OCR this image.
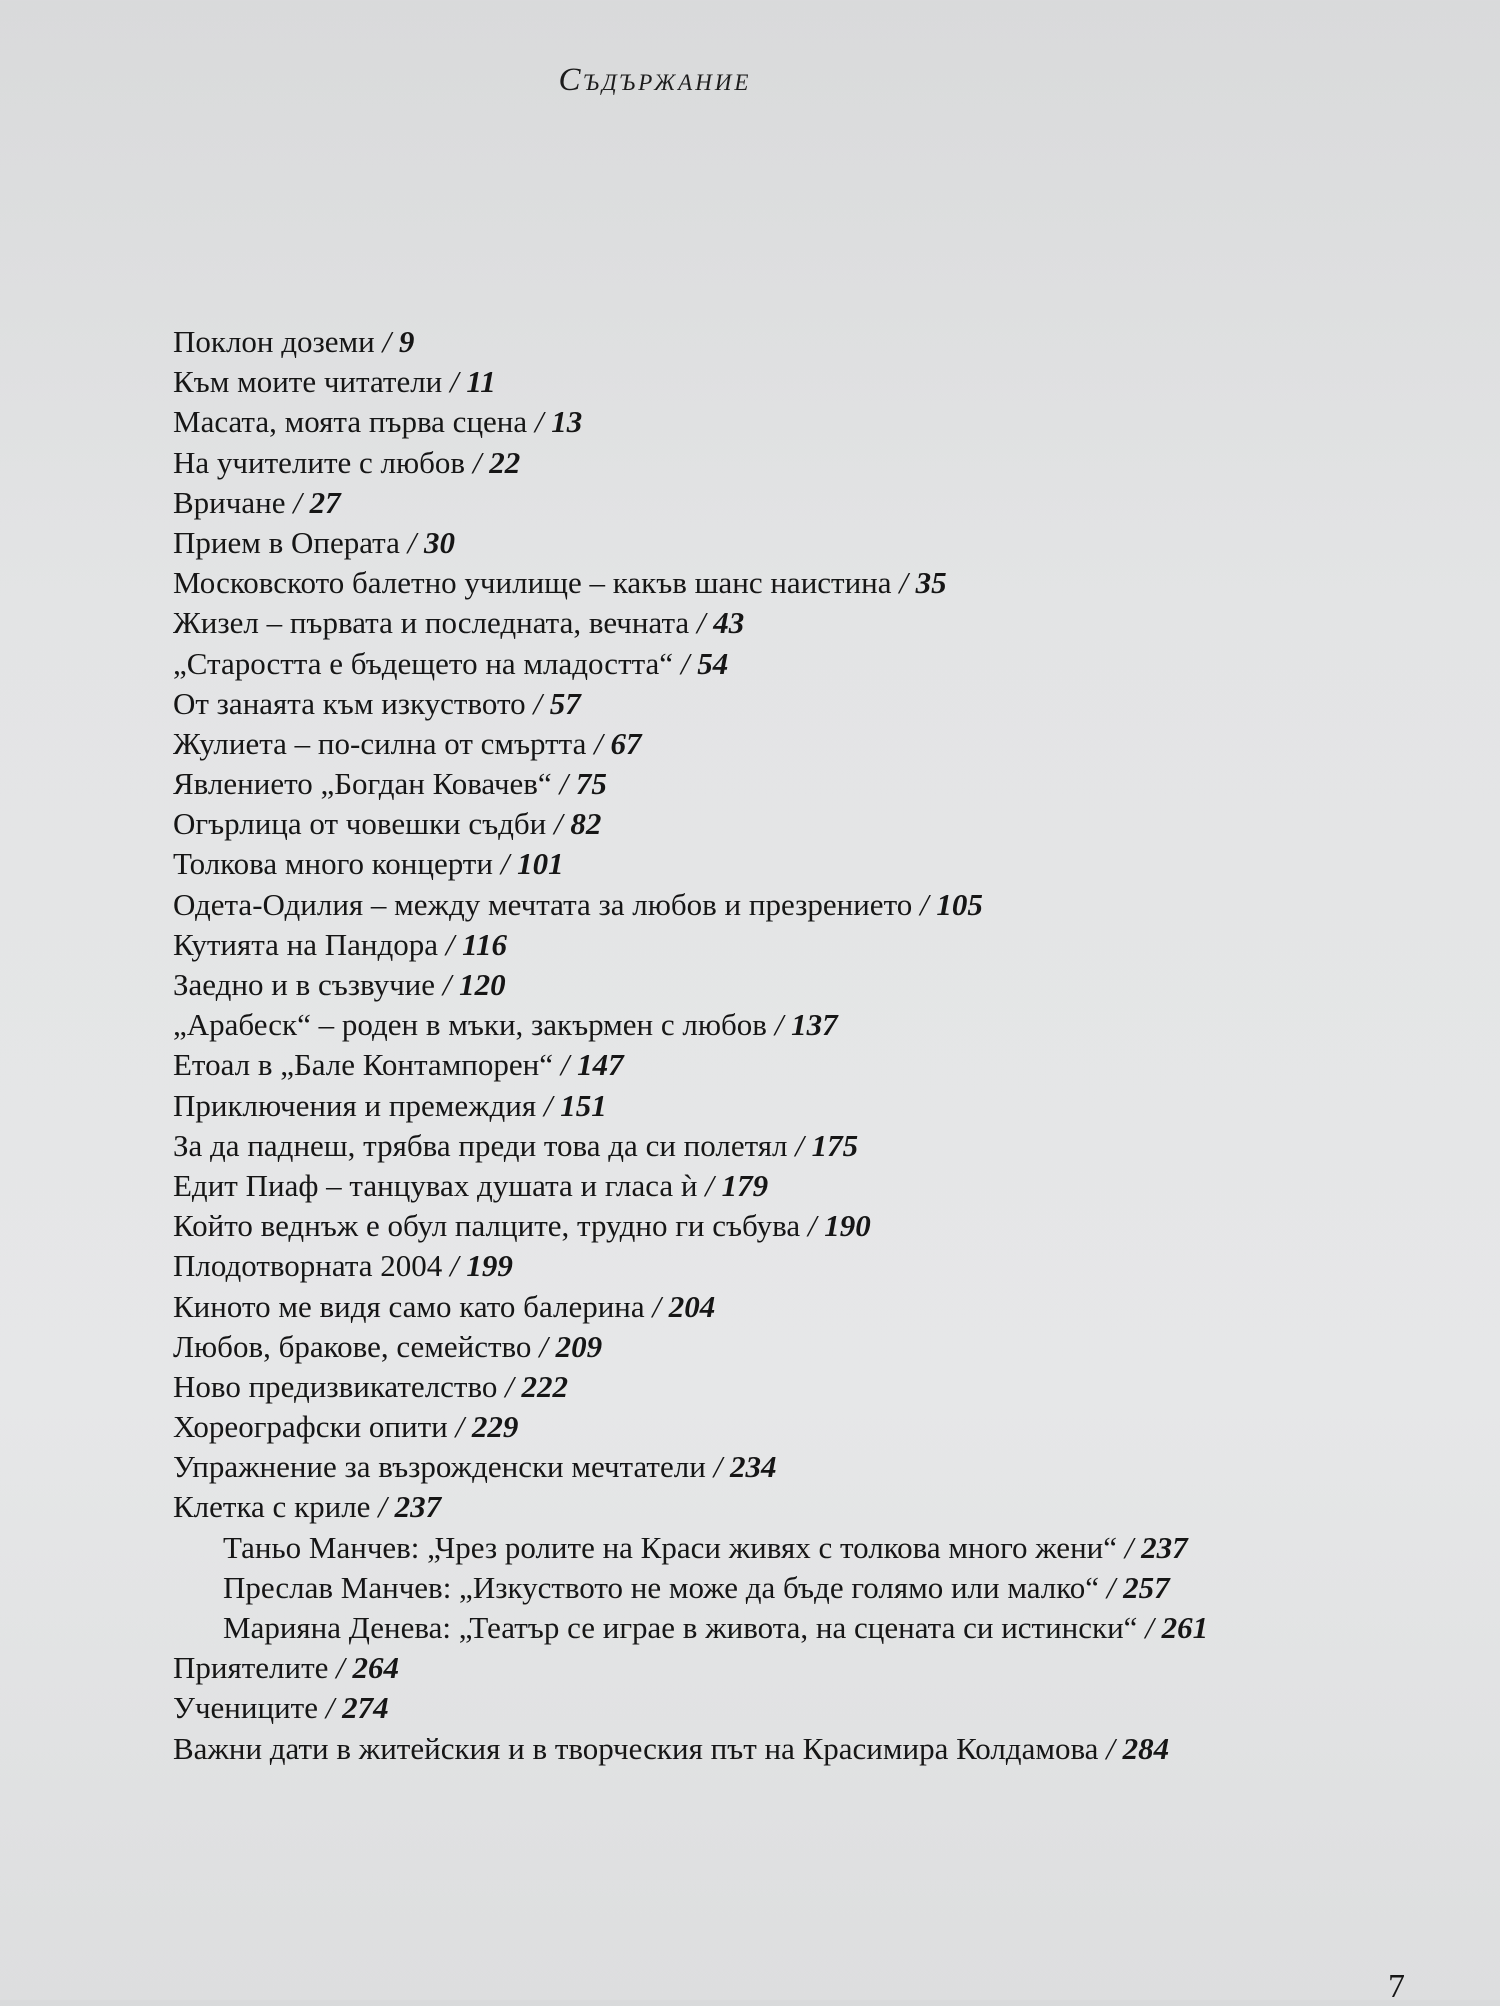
Съдържание
Поклон доземи / 9
Към моите читатели / 11
Масата, моята първа сцена / 13
На учителите с любов / 22
Вричане / 27
Прием в Операта / 30
Московското балетно училище – какъв шанс наистина / 35
Жизел – първата и последната, вечната / 43
„Старостта е бъдещето на младостта“ / 54
От занаята към изкуството / 57
Жулиета – по-силна от смъртта / 67
Явлението „Богдан Ковачев“ / 75
Огърлица от човешки съдби / 82
Толкова много концерти / 101
Одета-Одилия – между мечтата за любов и презрението / 105
Кутията на Пандора / 116
Заедно и в съзвучие / 120
„Арабеск“ – роден в мъки, закърмен с любов / 137
Етоал в „Бале Контампорен“ / 147
Приключения и премеждия / 151
За да паднеш, трябва преди това да си полетял / 175
Едит Пиаф – танцувах душата и гласа ѝ / 179
Който веднъж е обул палците, трудно ги събува / 190
Плодотворната 2004 / 199
Киното ме видя само като балерина / 204
Любов, бракове, семейство / 209
Ново предизвикателство / 222
Хореографски опити / 229
Упражнение за възрожденски мечтатели / 234
Клетка с криле / 237
Таньо Манчев: „Чрез ролите на Краси живях с толкова много жени“ / 237
Преслав Манчев: „Изкуството не може да бъде голямо или малко“ / 257
Марияна Денева: „Театър се играе в живота, на сцената си истински“ / 261
Приятелите / 264
Учениците / 274
Важни дати в житейския и в творческия път на Красимира Колдамова / 284
7
